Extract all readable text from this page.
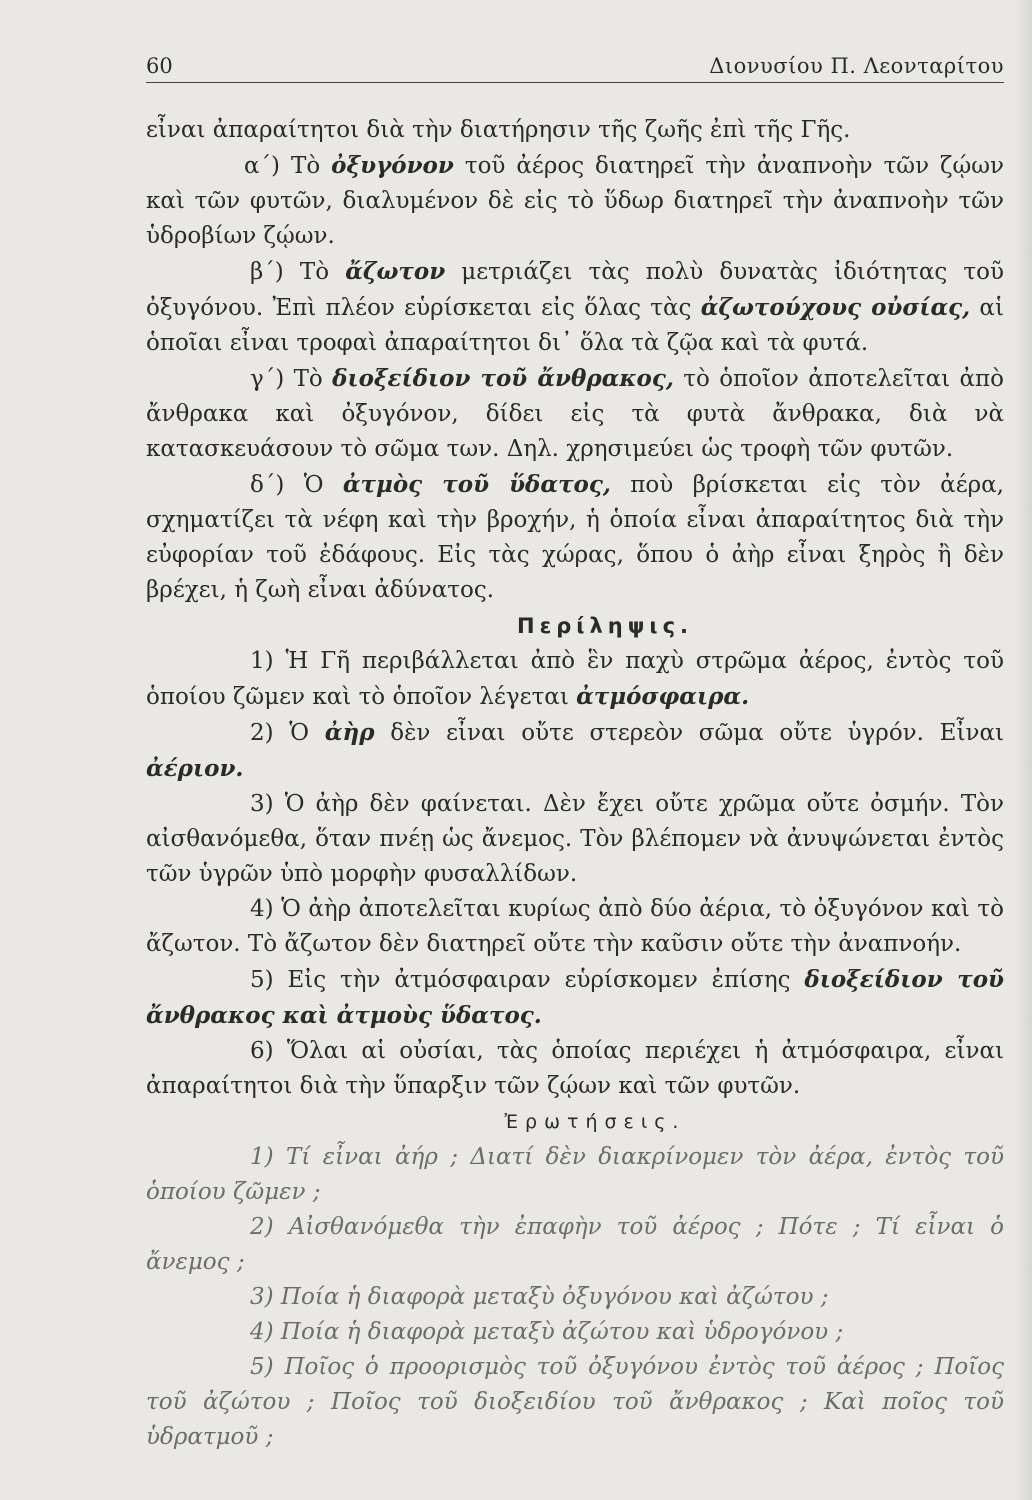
60	Διονυσίου Π. Λεονταρίτου

εἶναι ἀπαραίτητοι διὰ τὴν διατήρησιν τῆς ζωῆς ἐπὶ τῆς Γῆς.

α΄) Τὸ ὀξυγόνον τοῦ ἀέρος διατηρεῖ τὴν ἀναπνοὴν τῶν ζῴων καὶ τῶν φυτῶν, διαλυμένον δὲ εἰς τὸ ὕδωρ διατηρεῖ τὴν ἀναπνοὴν τῶν ὑδροβίων ζῴων.

β΄) Τὸ ἄζωτον μετριάζει τὰς πολὺ δυνατὰς ἰδιότητας τοῦ ὀξυγόνου. Ἐπὶ πλέον εὑρίσκεται εἰς ὅλας τὰς ἀζωτούχους οὐσίας, αἱ ὁποῖαι εἶναι τροφαὶ ἀπαραίτητοι δι᾿ ὅλα τὰ ζῷα καὶ τὰ φυτά.

γ΄) Τὸ διοξείδιον τοῦ ἄνθρακος, τὸ ὁποῖον ἀποτελεῖται ἀπὸ ἄνθρακα καὶ ὀξυγόνον, δίδει εἰς τὰ φυτὰ ἄνθρακα, διὰ νὰ κατασκευάσουν τὸ σῶμα των. Δηλ. χρησιμεύει ὡς τροφὴ τῶν φυτῶν.

δ΄) Ὁ ἀτμὸς τοῦ ὕδατος, ποὺ βρίσκεται εἰς τὸν ἀέρα, σχηματίζει τὰ νέφη καὶ τὴν βροχήν, ἡ ὁποία εἶναι ἀπαραίτητος διὰ τὴν εὐφορίαν τοῦ ἐδάφους. Εἰς τὰς χώρας, ὅπου ὁ ἀὴρ εἶναι ξηρὸς ἢ δὲν βρέχει, ἡ ζωὴ εἶναι ἀδύνατος.

Περίληψις.

1) Ἡ Γῆ περιβάλλεται ἀπὸ ἓν παχὺ στρῶμα ἀέρος, ἐντὸς τοῦ ὁποίου ζῶμεν καὶ τὸ ὁποῖον λέγεται ἀτμόσφαιρα.

2) Ὁ ἀὴρ δὲν εἶναι οὔτε στερεὸν σῶμα οὔτε ὑγρόν. Εἶναι ἀέριον.

3) Ὁ ἀὴρ δὲν φαίνεται. Δὲν ἔχει οὔτε χρῶμα οὔτε ὀσμήν. Τὸν αἰσθανόμεθα, ὅταν πνέῃ ὡς ἄνεμος. Τὸν βλέπομεν νὰ ἀνυψώνεται ἐντὸς τῶν ὑγρῶν ὑπὸ μορφὴν φυσαλλίδων.

4) Ὁ ἀὴρ ἀποτελεῖται κυρίως ἀπὸ δύο ἀέρια, τὸ ὀξυγόνον καὶ τὸ ἄζωτον. Τὸ ἄζωτον δὲν διατηρεῖ οὔτε τὴν καῦσιν οὔτε τὴν ἀναπνοήν.

5) Εἰς τὴν ἀτμόσφαιραν εὑρίσκομεν ἐπίσης διοξείδιον τοῦ ἄνθρακος καὶ ἀτμοὺς ὕδατος.

6) Ὅλαι αἱ οὐσίαι, τὰς ὁποίας περιέχει ἡ ἀτμόσφαιρα, εἶναι ἀπαραίτητοι διὰ τὴν ὕπαρξιν τῶν ζῴων καὶ τῶν φυτῶν.

Ἐρωτήσεις.

1) Τί εἶναι ἀήρ ; Διατί δὲν διακρίνομεν τὸν ἀέρα, ἐντὸς τοῦ ὁποίου ζῶμεν ;

2) Αἰσθανόμεθα τὴν ἐπαφὴν τοῦ ἀέρος ; Πότε ; Τί εἶναι ὁ ἄνεμος ;

3) Ποία ἡ διαφορὰ μεταξὺ ὀξυγόνου καὶ ἀζώτου ;

4) Ποία ἡ διαφορὰ μεταξὺ ἀζώτου καὶ ὑδρογόνου ;

5) Ποῖος ὁ προορισμὸς τοῦ ὀξυγόνου ἐντὸς τοῦ ἀέρος ; Ποῖος τοῦ ἀζώτου ; Ποῖος τοῦ διοξειδίου τοῦ ἄνθρακος ; Καὶ ποῖος τοῦ ὑδρατμοῦ ;
